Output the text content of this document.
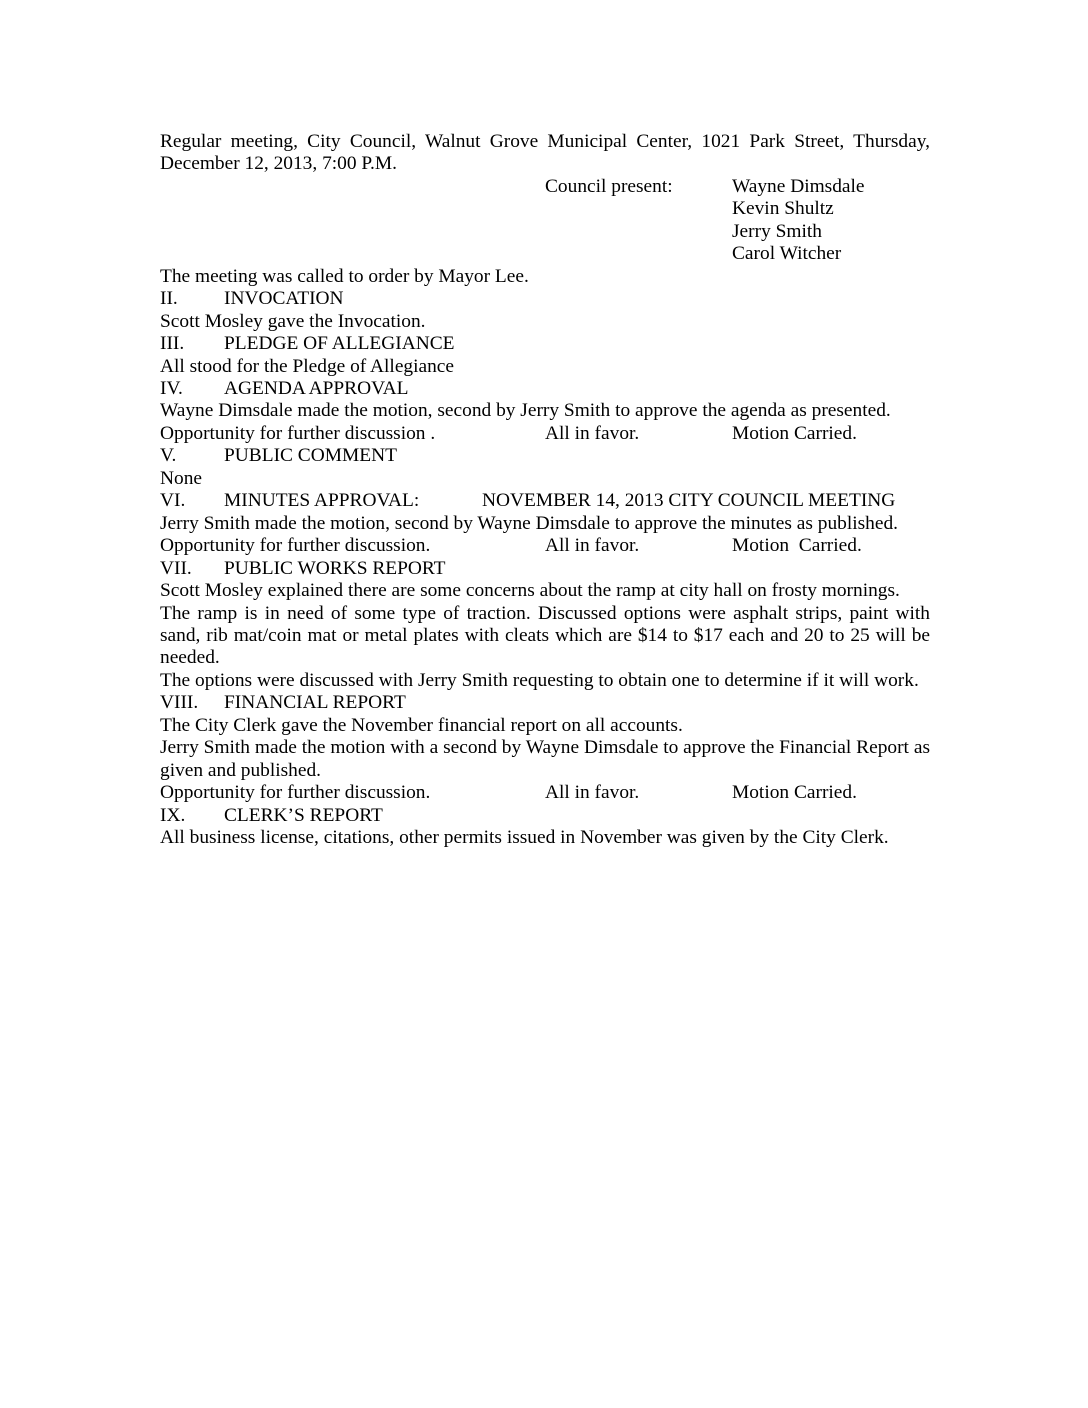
Regular meeting, City Council, Walnut Grove Municipal Center, 1021 Park Street, Thursday, December 12, 2013, 7:00 P.M.

Council present:	Wayne Dimsdale
Kevin Shultz
Jerry Smith
Carol Witcher

The meeting was called to order by Mayor Lee.

II.	INVOCATION

Scott Mosley gave the Invocation.

III.	PLEDGE OF ALLEGIANCE

All stood for the Pledge of Allegiance

IV.	AGENDA APPROVAL

Wayne Dimsdale made the motion, second by Jerry Smith to approve the agenda as presented.

Opportunity for further discussion .	All in favor.	Motion Carried.
V.	PUBLIC COMMENT

None

VI.	MINUTES APPROVAL:	NOVEMBER 14, 2013 CITY COUNCIL MEETING

Jerry Smith made the motion, second by Wayne Dimsdale to approve the minutes as published.

Opportunity for further discussion.	All in favor.	Motion  Carried.
VII.	PUBLIC WORKS REPORT

Scott Mosley explained there are some concerns about the ramp at city hall on frosty mornings.

The ramp is in need of some type of traction. Discussed options were asphalt strips, paint with sand, rib mat/coin mat or metal plates with cleats which are $14 to $17 each and 20 to 25 will be needed.

The options were discussed with Jerry Smith requesting to obtain one to determine if it will work.

VIII.	FINANCIAL REPORT

The City Clerk gave the November financial report on all accounts.

Jerry Smith made the motion with a second by Wayne Dimsdale to approve the Financial Report as given and published.

Opportunity for further discussion.	All in favor.	Motion Carried.
IX.	CLERK’S REPORT

All business license, citations, other permits issued in November was given by the City Clerk.
